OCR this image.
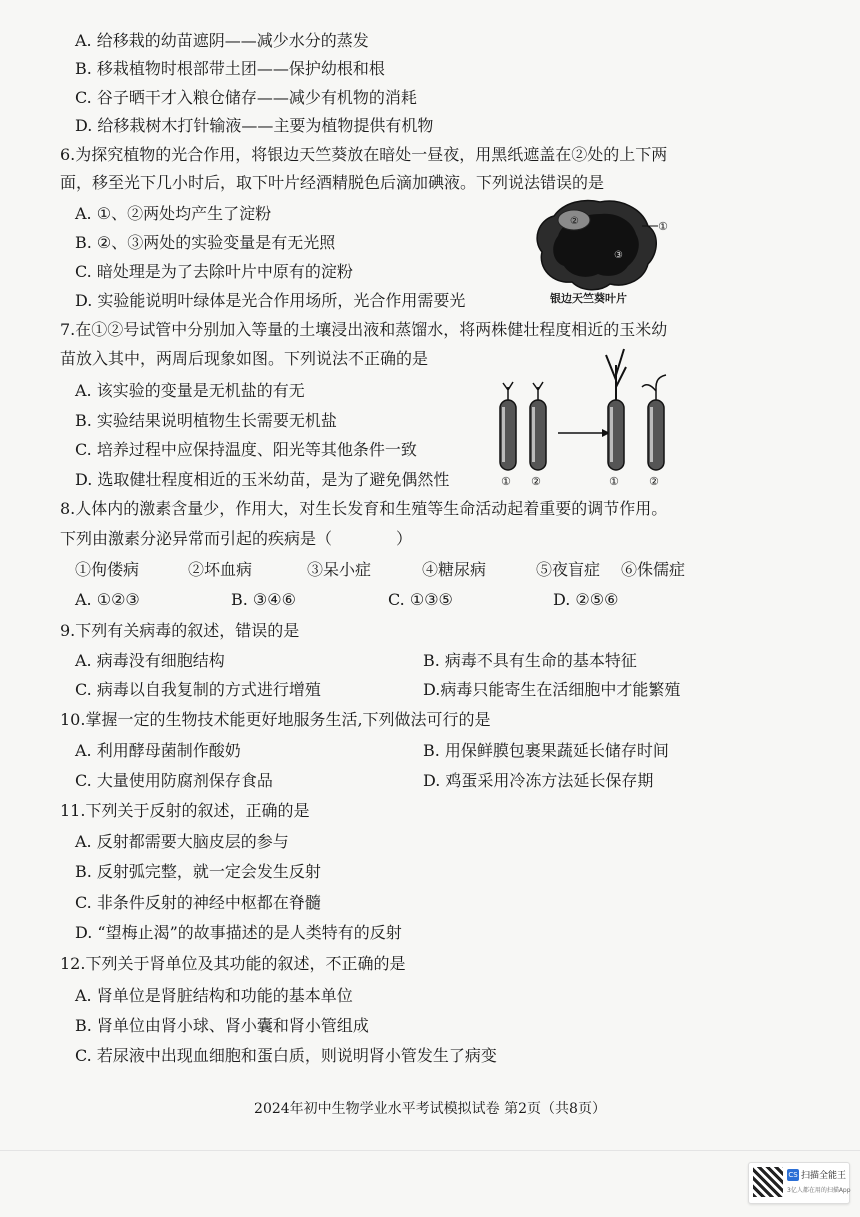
A. 给移栽的幼苗遮阴——减少水分的蒸发
B. 移栽植物时根部带土团——保护幼根和根
C. 谷子晒干才入粮仓储存——减少有机物的消耗
D. 给移栽树木打针输液——主要为植物提供有机物
6.为探究植物的光合作用，将银边天竺葵放在暗处一昼夜，用黑纸遮盖在②处的上下两
面，移至光下几小时后，取下叶片经酒精脱色后滴加碘液。下列说法错误的是
A. ①、②两处均产生了淀粉
B. ②、③两处的实验变量是有无光照
C. 暗处理是为了去除叶片中原有的淀粉
D. 实验能说明叶绿体是光合作用场所，光合作用需要光
②
③
①
银边天竺葵叶片
7.在①②号试管中分别加入等量的土壤浸出液和蒸馏水，将两株健壮程度相近的玉米幼
苗放入其中，两周后现象如图。下列说法不正确的是
A. 该实验的变量是无机盐的有无
B. 实验结果说明植物生长需要无机盐
C. 培养过程中应保持温度、阳光等其他条件一致
D. 选取健壮程度相近的玉米幼苗，是为了避免偶然性	① ②	①	②
8.人体内的激素含量少，作用大，对生长发育和生殖等生命活动起着重要的调节作用。
下列由激素分泌异常而引起的疾病是（　　　　）
①佝偻病	②坏血病	③呆小症	④糖尿病	⑤夜盲症 ⑥侏儒症
A. ①②③	B. ③④⑥	C. ①③⑤	D. ②⑤⑥
9.下列有关病毒的叙述，错误的是
A. 病毒没有细胞结构	B. 病毒不具有生命的基本特征
C. 病毒以自我复制的方式进行增殖	D.病毒只能寄生在活细胞中才能繁殖
10.掌握一定的生物技术能更好地服务生活,下列做法可行的是
A. 利用酵母菌制作酸奶	B. 用保鲜膜包裹果蔬延长储存时间
C. 大量使用防腐剂保存食品	D. 鸡蛋采用冷冻方法延长保存期
11.下列关于反射的叙述，正确的是
A. 反射都需要大脑皮层的参与
B. 反射弧完整，就一定会发生反射
C. 非条件反射的神经中枢都在脊髓
D. “望梅止渴”的故事描述的是人类特有的反射
12.下列关于肾单位及其功能的叙述，不正确的是
A. 肾单位是肾脏结构和功能的基本单位
B. 肾单位由肾小球、肾小囊和肾小管组成
C. 若尿液中出现血细胞和蛋白质，则说明肾小管发生了病变
2024年初中生物学业水平考试模拟试卷 第2页（共8页）
CS 扫描全能王
3亿人都在用的扫描App
